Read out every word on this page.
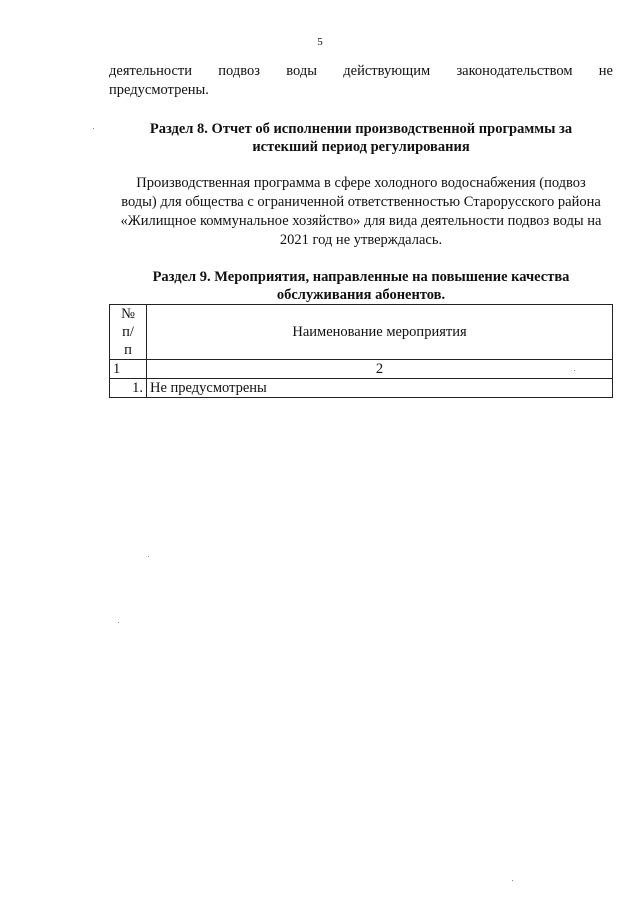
5

деятельности подвоз воды действующим законодательством не

предусмотрены.

Раздел 8. Отчет об исполнении производственной программы за

истекший период регулирования

Производственная программа в сфере холодного водоснабжения (подвоз
воды) для общества с ограниченной ответственностью Старорусского района
«Жилищное коммунальное хозяйство» для вида деятельности подвоз воды на
2021 год не утверждалась.

Раздел 9. Мероприятия, направленные на повышение качества

обслуживания абонентов.

№
п/
п	Наименование мероприятия
1	2
1.	Не предусмотрены
